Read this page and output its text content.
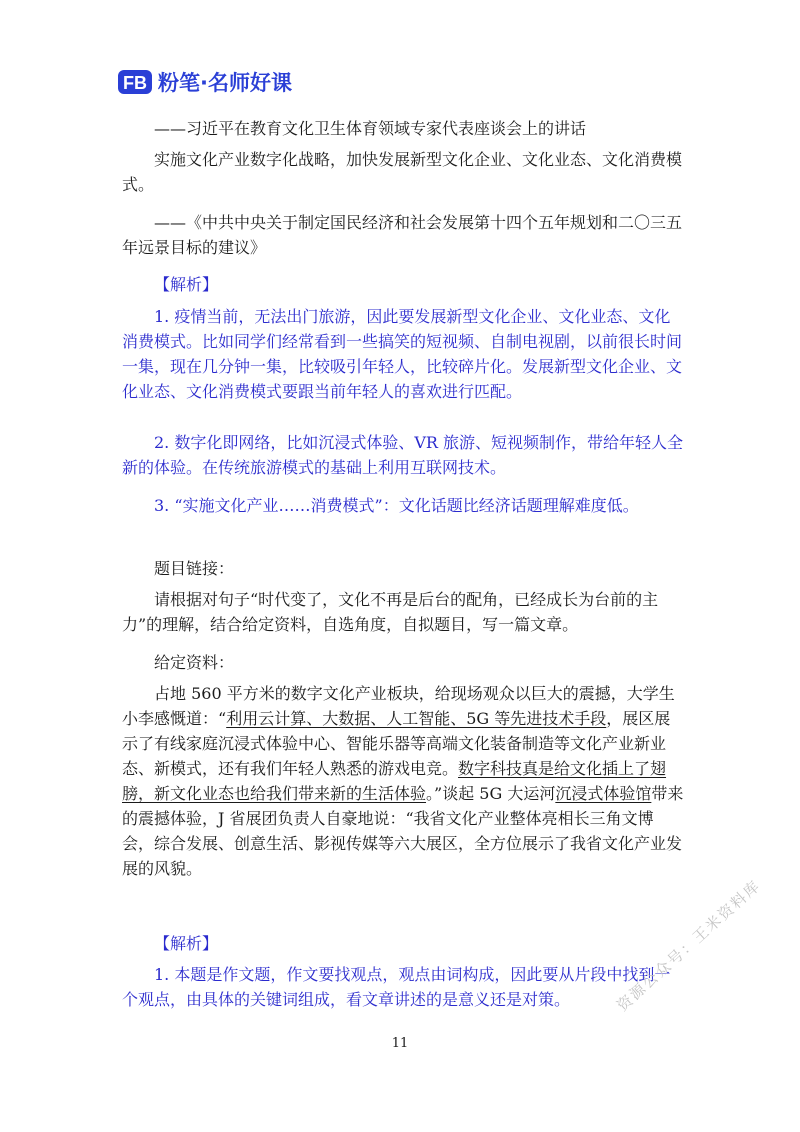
FB 粉笔·名师好课

——习近平在教育文化卫生体育领域专家代表座谈会上的讲话

实施文化产业数字化战略，加快发展新型文化企业、文化业态、文化消费模式。

——《中共中央关于制定国民经济和社会发展第十四个五年规划和二〇三五年远景目标的建议》

【解析】

1. 疫情当前，无法出门旅游，因此要发展新型文化企业、文化业态、文化消费模式。比如同学们经常看到一些搞笑的短视频、自制电视剧，以前很长时间一集，现在几分钟一集，比较吸引年轻人，比较碎片化。发展新型文化企业、文化业态、文化消费模式要跟当前年轻人的喜欢进行匹配。

2. 数字化即网络，比如沉浸式体验、VR 旅游、短视频制作，带给年轻人全新的体验。在传统旅游模式的基础上利用互联网技术。

3. “实施文化产业……消费模式”：文化话题比经济话题理解难度低。

题目链接：

请根据对句子“时代变了，文化不再是后台的配角，已经成长为台前的主力”的理解，结合给定资料，自选角度，自拟题目，写一篇文章。

给定资料：

占地 560 平方米的数字文化产业板块，给现场观众以巨大的震撼，大学生小李感慨道：“利用云计算、大数据、人工智能、5G 等先进技术手段，展区展示了有线家庭沉浸式体验中心、智能乐器等高端文化装备制造等文化产业新业态、新模式，还有我们年轻人熟悉的游戏电竞。数字科技真是给文化插上了翅膀，新文化业态也给我们带来新的生活体验。”谈起 5G 大运河沉浸式体验馆带来的震撼体验，J 省展团负责人自豪地说：“我省文化产业整体亮相长三角文博会，综合发展、创意生活、影视传媒等六大展区，全方位展示了我省文化产业发展的风貌。

【解析】

1. 本题是作文题，作文要找观点，观点由词构成，因此要从片段中找到一个观点，由具体的关键词组成，看文章讲述的是意义还是对策。

11
资源公众号：王米资料库
